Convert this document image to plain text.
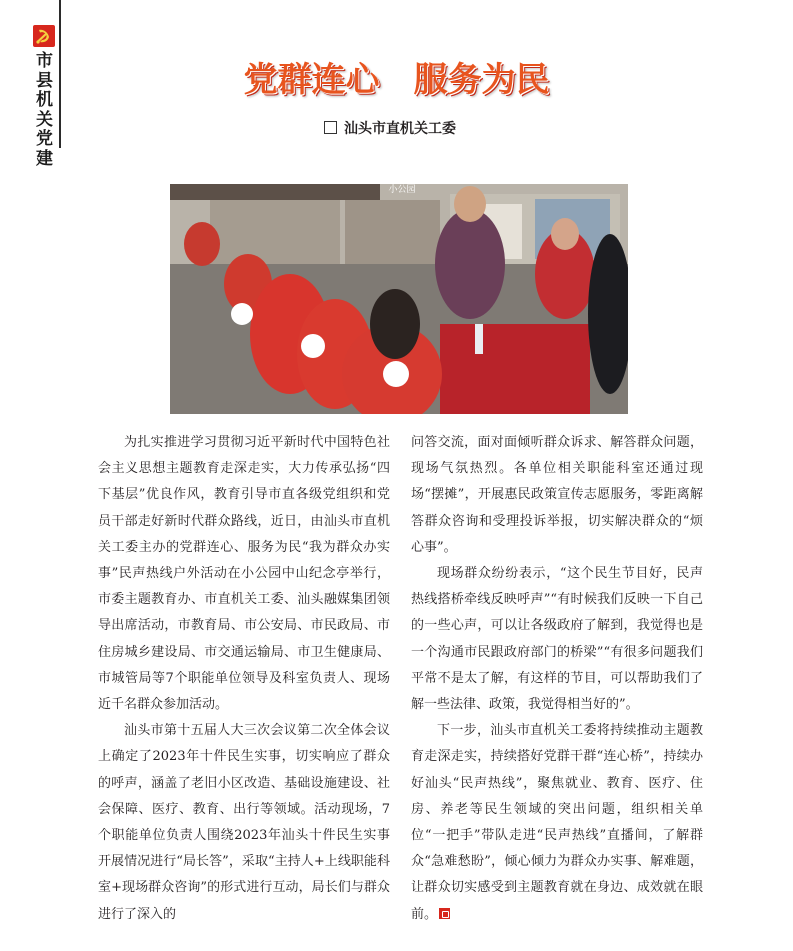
市县机关党建
党群连心　服务为民
汕头市直机关工委
小公园

为扎实推进学习贯彻习近平新时代中国特色社会主义思想主题教育走深走实，大力传承弘扬“四下基层”优良作风，教育引导市直各级党组织和党员干部走好新时代群众路线，近日，由汕头市直机关工委主办的党群连心、服务为民“我为群众办实事”民声热线户外活动在小公园中山纪念亭举行，市委主题教育办、市直机关工委、汕头融媒集团领导出席活动，市教育局、市公安局、市民政局、市住房城乡建设局、市交通运输局、市卫生健康局、市城管局等7个职能单位领导及科室负责人、现场近千名群众参加活动。

汕头市第十五届人大三次会议第二次全体会议上确定了2023年十件民生实事，切实响应了群众的呼声，涵盖了老旧小区改造、基础设施建设、社会保障、医疗、教育、出行等领域。活动现场，7个职能单位负责人围绕2023年汕头十件民生实事开展情况进行“局长答”，采取“主持人+上线职能科室+现场群众咨询”的形式进行互动，局长们与群众进行了深入的

问答交流，面对面倾听群众诉求、解答群众问题，现场气氛热烈。各单位相关职能科室还通过现场“摆摊”，开展惠民政策宣传志愿服务，零距离解答群众咨询和受理投诉举报，切实解决群众的“烦心事”。

现场群众纷纷表示，“这个民生节目好，民声热线搭桥牵线反映呼声”“有时候我们反映一下自己的一些心声，可以让各级政府了解到，我觉得也是一个沟通市民跟政府部门的桥梁”“有很多问题我们平常不是太了解，有这样的节目，可以帮助我们了解一些法律、政策，我觉得相当好的”。

下一步，汕头市直机关工委将持续推动主题教育走深走实，持续搭好党群干群“连心桥”，持续办好汕头“民声热线”，聚焦就业、教育、医疗、住房、养老等民生领域的突出问题，组织相关单位“一把手”带队走进“民声热线”直播间，了解群众“急难愁盼”，倾心倾力为群众办实事、解难题，让群众切实感受到主题教育就在身边、成效就在眼前。
